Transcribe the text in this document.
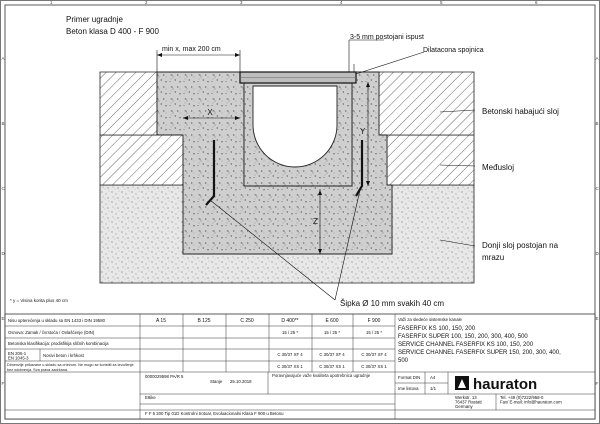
1	2	3	4	5	6
A
B
C
D
E
F
A
B
C
D
E
F
Primer ugradnje
Beton klasa D 400 - F 900
X
Z
Y
min x, max 200 cm
3-5 mm postojani ispust
Dilatacona spojnica
Betonski habajući sloj
Međusloj
Donji sloj postojan na
mrazu
Šipka Ø 10 mm svakih 40 cm
* y = Visina korita plus 40 cm
Nisu opterećenja u skladu sa EN 1433 i DIN 19580
Osnova: Zamak / čvrstoća / Ovlašćenje (DIN)
Betonska klasifikacija: prodisfikija sličnih kombinacija
EN 206-1
EN 1045-3	Nosivi beton i krhkost
Dimenzije prikazane u skladu sa crtežom. Ne mogu se koristiti za izvođenje bez odobrenja. Sva prava zadržana.
A 15	B 125	C 250	D 400**	E 600	F 900
15 / 25 *	15 / 25 *	15 / 25 *
C 30/37 XF 4	C 30/37 XF 4	C 30/37 XF 4
C 30/37 XS 1	C 30/37 XS 1	C 30/37 XS 1
Važi za sledeće sistemske kanale
FASERFIX KS 100, 150, 200
FASERFIX SUPER 100, 150, 200, 300, 400, 500
SERVICE CHANNEL FASERFIX KS 100, 150, 200
SERVICE CHANNEL FASERFIX SUPER 150, 200, 300, 400,
500
0000029598 PA/R 5
E8ike
Poravnjavajuće važe kvaliteta upotrebnica ugradnje
Stanje 25.10.2018
F F 5 200 Tip 01D Kontrolni trotoar, Evoluacionalni Klasa F 900 u Betonu
Format DIN A4
Ime listova	1/1 hauraton
Werkstr. 13
76437 Rastatt
Germany
Tel. +49 (0)7222/958-0
Fax/ E-mail: info@hauraton.com
